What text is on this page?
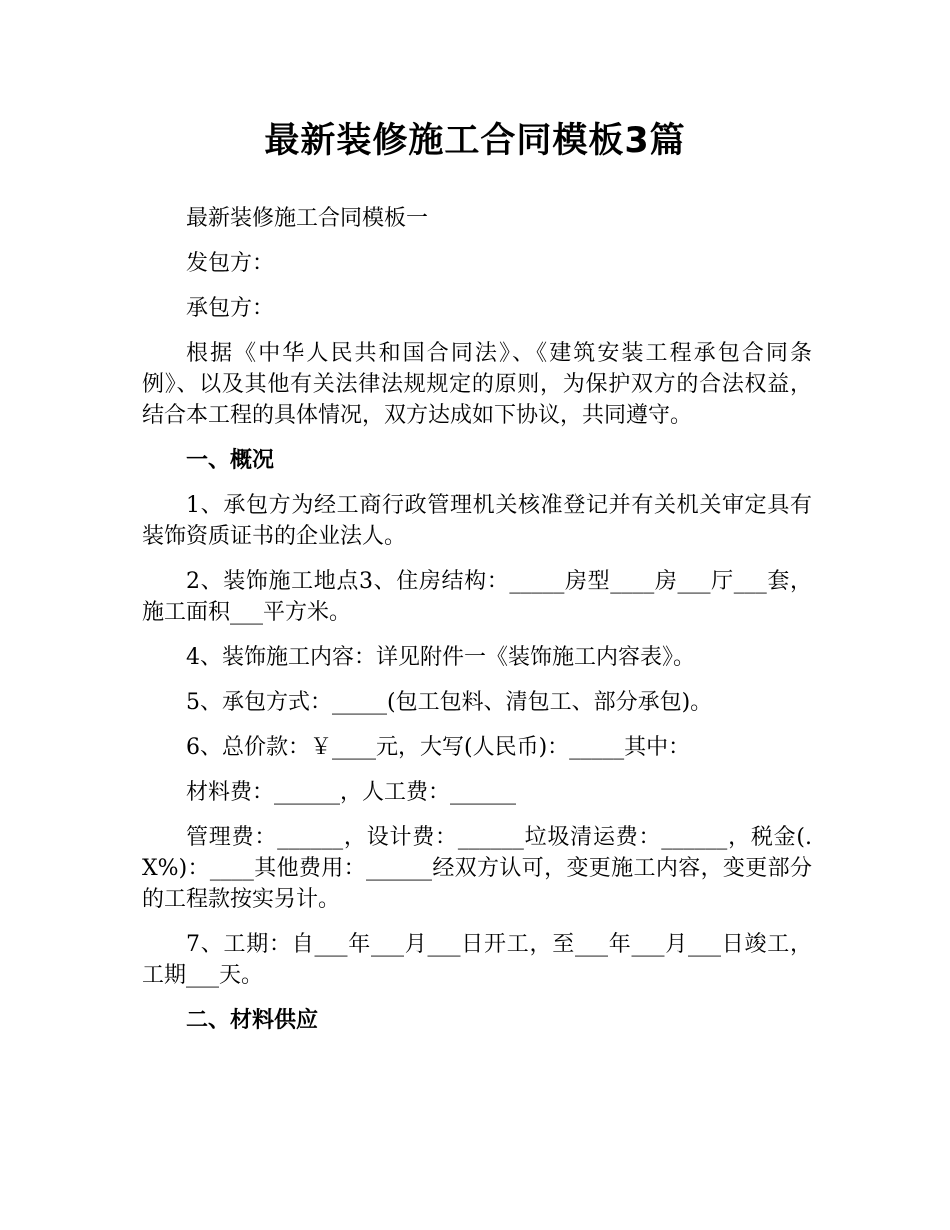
最新装修施工合同模板3篇

最新装修施工合同模板一

发包方：

承包方：

根据《中华人民共和国合同法》、《建筑安装工程承包合同条例》、以及其他有关法律法规规定的原则，为保护双方的合法权益，结合本工程的具体情况，双方达成如下协议，共同遵守。

一、概况

1、承包方为经工商行政管理机关核准登记并有关机关审定具有装饰资质证书的企业法人。

2、装饰施工地点3、住房结构：_____房型____房___厅___套，施工面积___平方米。

4、装饰施工内容：详见附件一《装饰施工内容表》。

5、承包方式：_____(包工包料、清包工、部分承包)。

6、总价款：￥____元，大写(人民币)：_____其中：

材料费：______，人工费：______

管理费：______，设计费：______垃圾清运费：______，税金(.X%)：____其他费用：______经双方认可，变更施工内容，变更部分的工程款按实另计。

7、工期：自___年___月___日开工，至___年___月___日竣工，工期___天。

二、材料供应
